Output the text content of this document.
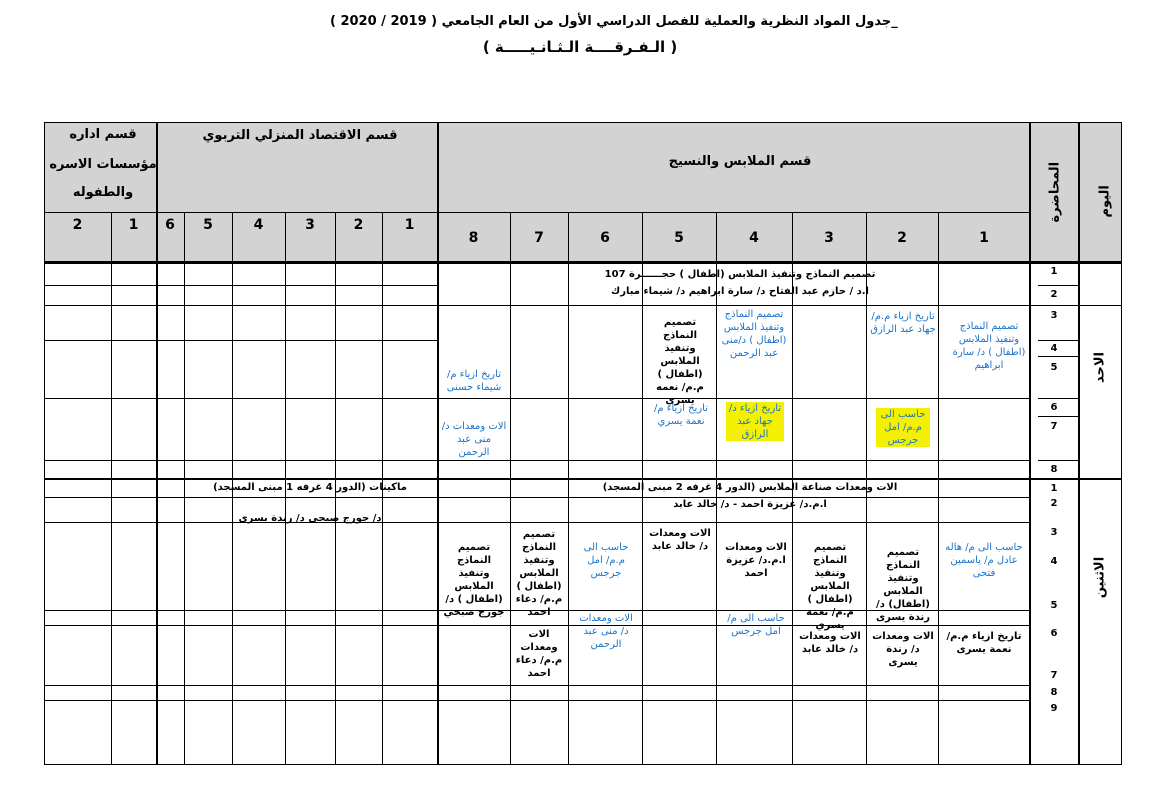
جدول المواد النظرية والعملية للفصل الدراسي الأول من العام الجامعي ( 2019 / 2020 )_
( الـفـرقــــة الـثـانـيـــــة )
قسم الملابس والنسيج
قسم الاقتصاد المنزلي التربوي
قسم اداره
مؤسسات الاسره
والطفوله	المحاضرة	اليوم
1
2
3
4
5
6
7
8
1
2
3
4
5
6
1
2
الاحد
الاثنين
1
2
3
4
5
6
7
8
1
2
3
4
5
6
7
8
9
تصميم النماذج وتنفيذ الملابس (اطفال ) حجــــــرة 107
ا.د / حازم عبد الفتاح د/ سارة ابراهيم د/ شيماء مبارك
تصميم النماذج وتنفيذ الملابس (اطفال ) د/ سارة ابراهيم
تاريخ ازياء م.م/جهاد عبد الرازق
حاسب الى م.م/ امل جرجس
تصميم النماذج وتنفيذ الملابس (اطفال ) د/منى عبد الرحمن
تاريخ ازياء د/ جهاد عبد الرازق
تصميم النماذج وتنفيذ الملابس (اطفال ) م.م/ نعمه يسري
تاريخ ازياء م/ نعمة يسري
تاريخ ازياء م/ شيماء حسنى
الات ومعدات د/ منى عبد الرحمن
الات ومعدات صناعة الملابس (الدور 4 غرفه 2 مبنى المسجد)
ا.م.د/ عزيزة احمد - د/ خالد عابد
ماكينات (الدور 4 غرفه 1 مبنى المسجد)
د/ جورج صبحى د/ رندة يسرى
حاسب الى م/ هاله عادل م/ ياسمين فتحى
تاريخ ازياء م.م/ نعمة يسرى
تصميم النماذج وتنفيذ الملابس (اطفال) د/ رندة يسرى
الات ومعدات د/ رندة يسرى
تصميم النماذج وتنفيذ الملابس (اطفال ) م.م/ نعمه يسري
الات ومعدات د/ خالد عابد
الات ومعدات ا.م.د/ عزيزة احمد
حاسب الى م/ امل جرجس
الات ومعدات د/ خالد عابد
حاسب الى م.م/ امل جرجس
الات ومعدات د/ منى عبد الرحمن
تصميم النماذج وتنفيذ الملابس (اطفال ) م.م/ دعاء احمد
الات ومعدات م.م/ دعاء احمد
تصميم النماذج وتنفيذ الملابس (اطفال ) د/ جورج صبحي
